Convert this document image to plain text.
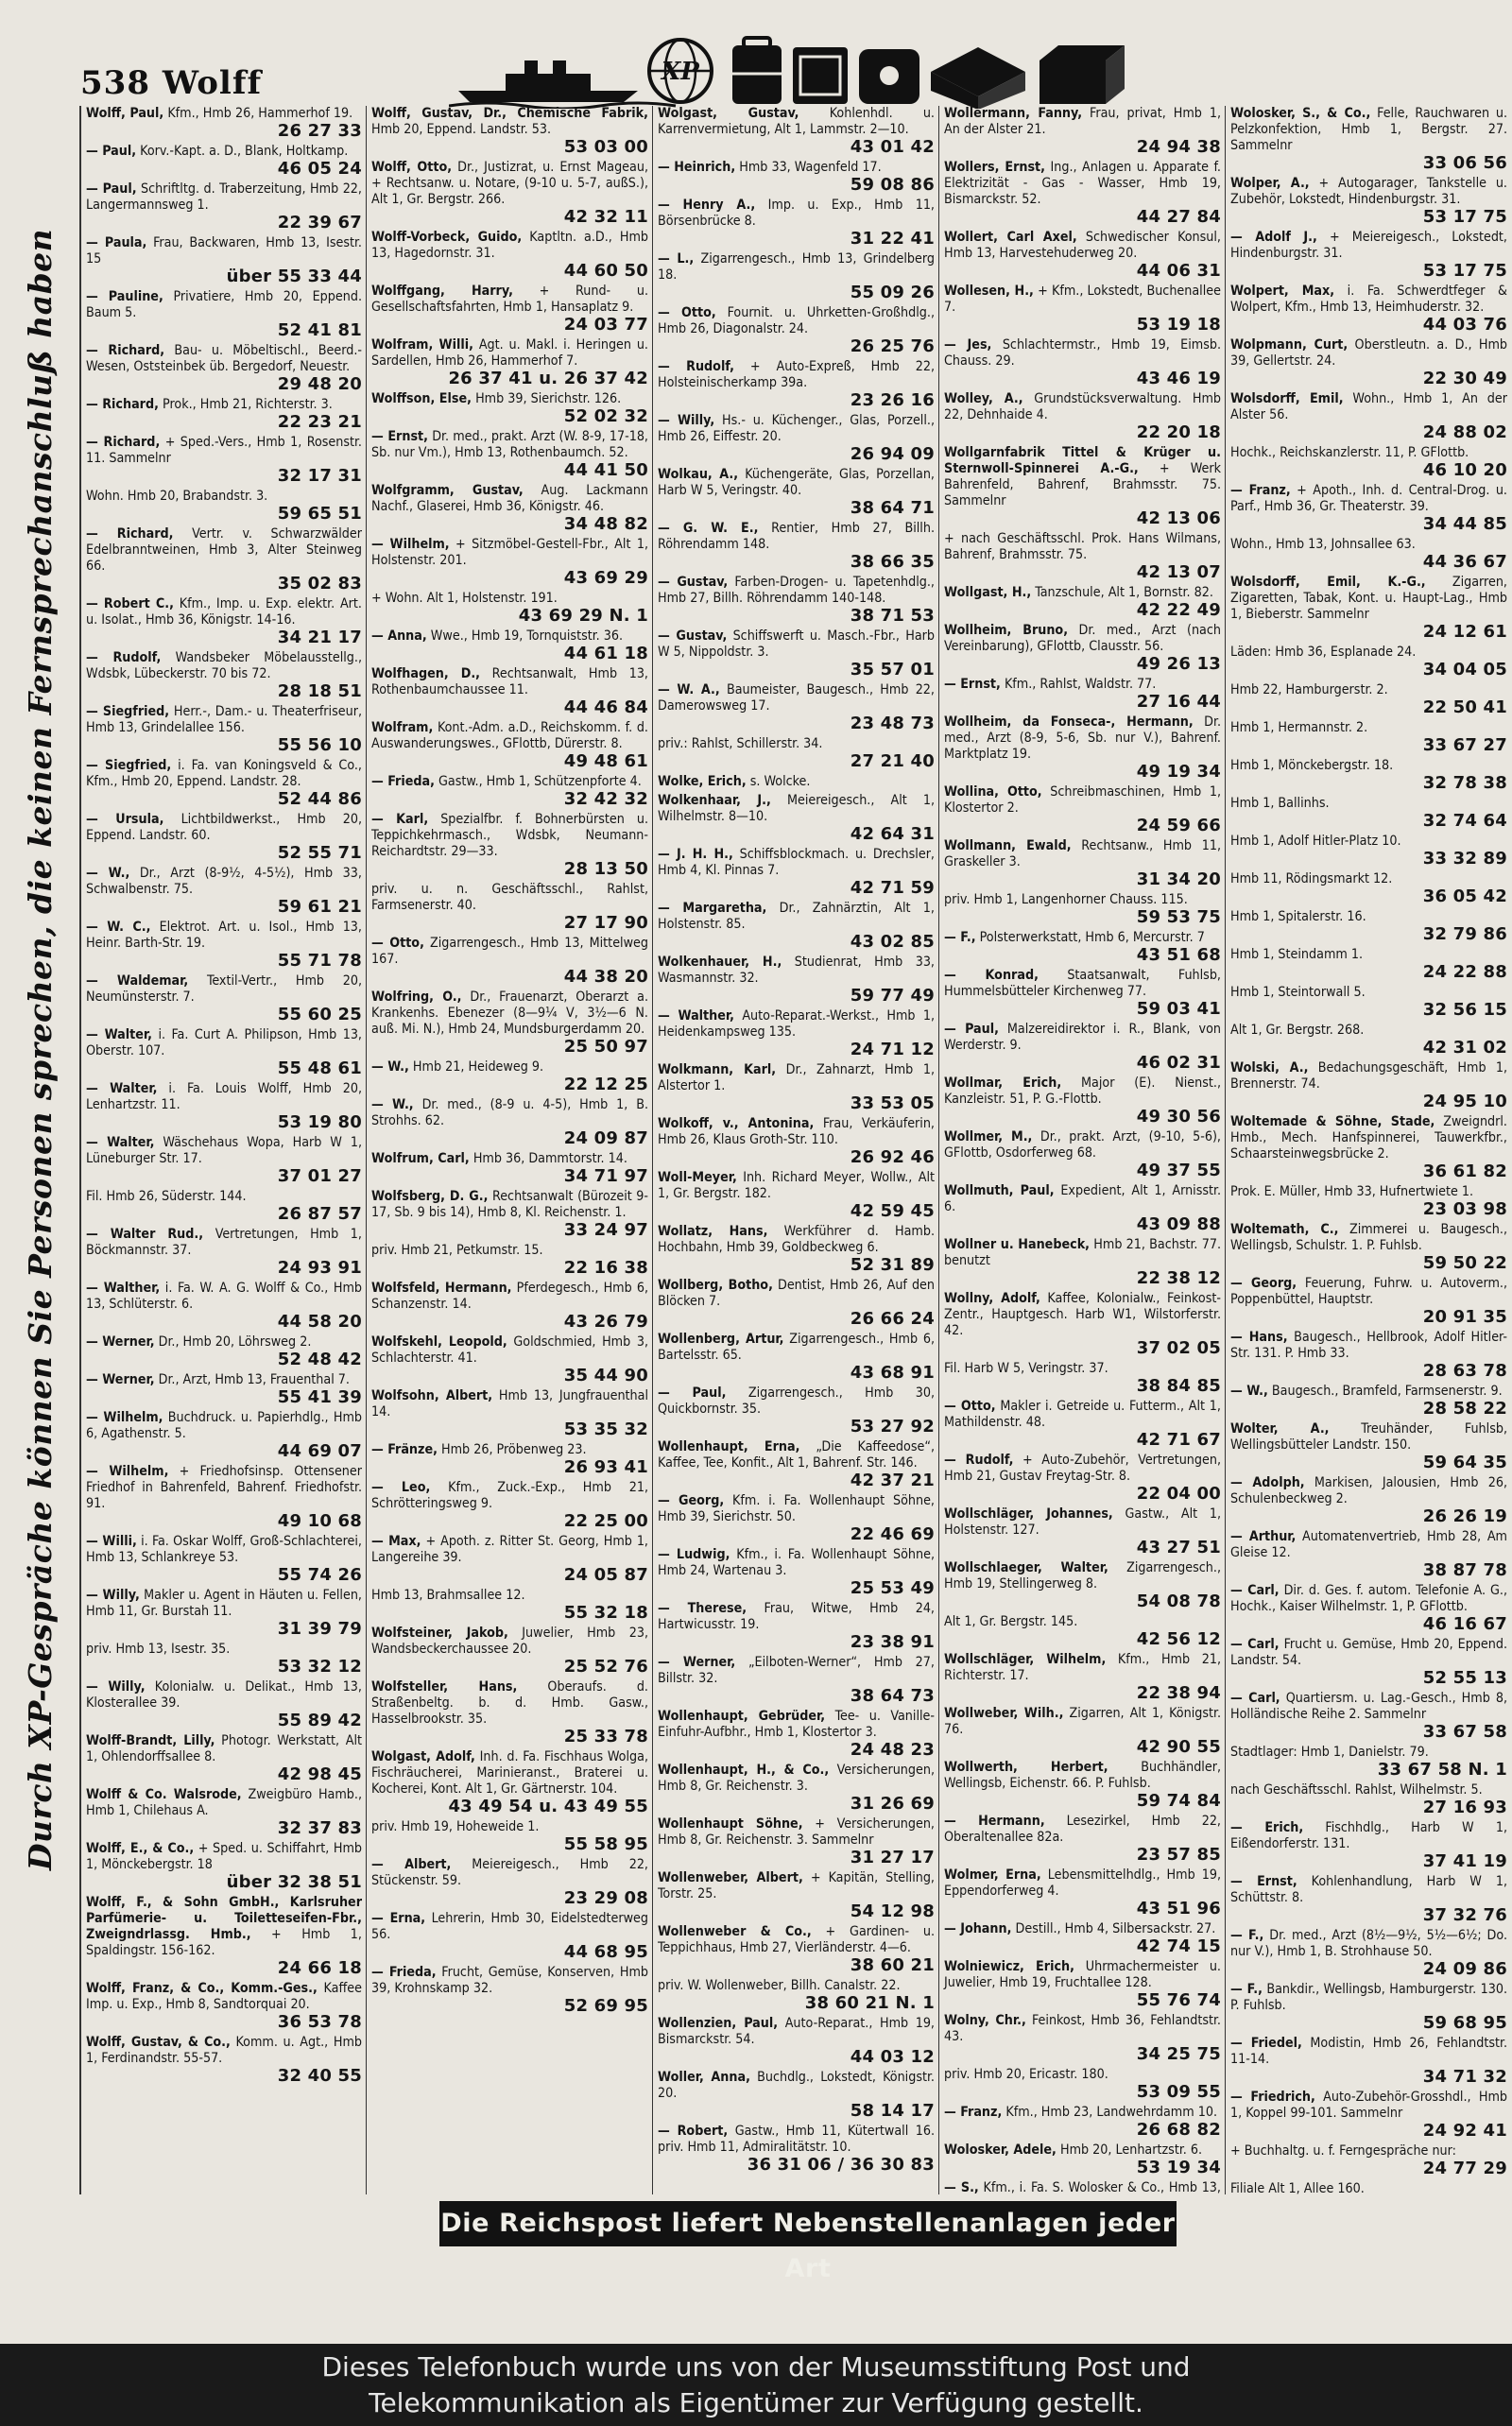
538 Wolff	XP
Durch XP-Gespräche können Sie Personen sprechen, die keinen Fernsprechanschluß haben
Wolff, Paul, Kfm., Hmb 26, Hammerhof 19.
26 27 33
— Paul, Korv.-Kapt. a. D., Blank, Holtkamp.
46 05 24
— Paul, Schriftltg. d. Traberzeitung, Hmb 22, Langermannsweg 1.
22 39 67
— Paula, Frau, Backwaren, Hmb 13, Isestr. 15
über 55 33 44
— Pauline, Privatiere, Hmb 20, Eppend. Baum 5.
52 41 81
— Richard, Bau- u. Möbeltischl., Beerd.-Wesen, Oststeinbek üb. Bergedorf, Neuestr.
29 48 20
— Richard, Prok., Hmb 21, Richterstr. 3.
22 23 21
— Richard, + Sped.-Vers., Hmb 1, Rosenstr. 11. Sammelnr
32 17 31
Wohn. Hmb 20, Brabandstr. 3.
59 65 51
— Richard, Vertr. v. Schwarzwälder Edelbranntweinen, Hmb 3, Alter Steinweg 66.
35 02 83
— Robert C., Kfm., Imp. u. Exp. elektr. Art. u. Isolat., Hmb 36, Königstr. 14-16.
34 21 17
— Rudolf, Wandsbeker Möbelausstellg., Wdsbk, Lübeckerstr. 70 bis 72.
28 18 51
— Siegfried, Herr.-, Dam.- u. Theaterfriseur, Hmb 13, Grindelallee 156.
55 56 10
— Siegfried, i. Fa. van Koningsveld & Co., Kfm., Hmb 20, Eppend. Landstr. 28.
52 44 86
— Ursula, Lichtbildwerkst., Hmb 20, Eppend. Landstr. 60.
52 55 71
— W., Dr., Arzt (8-9½, 4-5½), Hmb 33, Schwalbenstr. 75.
59 61 21
— W. C., Elektrot. Art. u. Isol., Hmb 13, Heinr. Barth-Str. 19.
55 71 78
— Waldemar, Textil-Vertr., Hmb 20, Neumünsterstr. 7.
55 60 25
— Walter, i. Fa. Curt A. Philipson, Hmb 13, Oberstr. 107.
55 48 61
— Walter, i. Fa. Louis Wolff, Hmb 20, Lenhartzstr. 11.
53 19 80
— Walter, Wäschehaus Wopa, Harb W 1, Lüneburger Str. 17.
37 01 27
Fil. Hmb 26, Süderstr. 144.
26 87 57
— Walter Rud., Vertretungen, Hmb 1, Böckmannstr. 37.
24 93 91
— Walther, i. Fa. W. A. G. Wolff & Co., Hmb 13, Schlüterstr. 6.
44 58 20
— Werner, Dr., Hmb 20, Löhrsweg 2.
52 48 42
— Werner, Dr., Arzt, Hmb 13, Frauenthal 7.
55 41 39
— Wilhelm, Buchdruck. u. Papierhdlg., Hmb 6, Agathenstr. 5.
44 69 07
— Wilhelm, + Friedhofsinsp. Ottensener Friedhof in Bahrenfeld, Bahrenf. Friedhofstr. 91.
49 10 68
— Willi, i. Fa. Oskar Wolff, Groß-Schlachterei, Hmb 13, Schlankreye 53.
55 74 26
— Willy, Makler u. Agent in Häuten u. Fellen, Hmb 11, Gr. Burstah 11.
31 39 79
priv. Hmb 13, Isestr. 35.
53 32 12
— Willy, Kolonialw. u. Delikat., Hmb 13, Klosterallee 39.
55 89 42
Wolff-Brandt, Lilly, Photogr. Werkstatt, Alt 1, Ohlendorffsallee 8.
42 98 45
Wolff & Co. Walsrode, Zweigbüro Hamb., Hmb 1, Chilehaus A.
32 37 83
Wolff, E., & Co., + Sped. u. Schiffahrt, Hmb 1, Mönckebergstr. 18
über 32 38 51
Wolff, F., & Sohn GmbH., Karlsruher Parfümerie- u. Toiletteseifen-Fbr., Zweigndrlassg. Hmb., + Hmb 1, Spaldingstr. 156-162.
24 66 18
Wolff, Franz, & Co., Komm.-Ges., Kaffee Imp. u. Exp., Hmb 8, Sandtorquai 20.
36 53 78
Wolff, Gustav, & Co., Komm. u. Agt., Hmb 1, Ferdinandstr. 55-57.
32 40 55
Wolff, Gustav, Dr., Chemische Fabrik, Hmb 20, Eppend. Landstr. 53.
53 03 00
Wolff, Otto, Dr., Justizrat, u. Ernst Mageau, + Rechtsanw. u. Notare, (9-10 u. 5-7, außS.), Alt 1, Gr. Bergstr. 266.
42 32 11
Wolff-Vorbeck, Guido, Kaptltn. a.D., Hmb 13, Hagedornstr. 31.
44 60 50
Wolffgang, Harry, + Rund- u. Gesellschaftsfahrten, Hmb 1, Hansaplatz 9.
24 03 77
Wolfram, Willi, Agt. u. Makl. i. Heringen u. Sardellen, Hmb 26, Hammerhof 7.
26 37 41 u. 26 37 42
Wolffson, Else, Hmb 39, Sierichstr. 126.
52 02 32
— Ernst, Dr. med., prakt. Arzt (W. 8-9, 17-18, Sb. nur Vm.), Hmb 13, Rothenbaumch. 52.
44 41 50
Wolfgramm, Gustav, Aug. Lackmann Nachf., Glaserei, Hmb 36, Königstr. 46.
34 48 82
— Wilhelm, + Sitzmöbel-Gestell-Fbr., Alt 1, Holstenstr. 201.
43 69 29
+ Wohn. Alt 1, Holstenstr. 191.
43 69 29 N. 1
— Anna, Wwe., Hmb 19, Tornquiststr. 36.
44 61 18
Wolfhagen, D., Rechtsanwalt, Hmb 13, Rothenbaumchaussee 11.
44 46 84
Wolfram, Kont.-Adm. a.D., Reichskomm. f. d. Auswanderungswes., GFlottb, Dürerstr. 8.
49 48 61
— Frieda, Gastw., Hmb 1, Schützenpforte 4.
32 42 32
— Karl, Spezialfbr. f. Bohnerbürsten u. Teppichkehrmasch., Wdsbk, Neumann-Reichardtstr. 29—33.
28 13 50
priv. u. n. Geschäftsschl., Rahlst, Farmsenerstr. 40.
27 17 90
— Otto, Zigarrengesch., Hmb 13, Mittelweg 167.
44 38 20
Wolfring, O., Dr., Frauenarzt, Oberarzt a. Krankenhs. Ebenezer (8—9¼ V, 3½—6 N. auß. Mi. N.), Hmb 24, Mundsburgerdamm 20.
25 50 97
— W., Hmb 21, Heideweg 9.
22 12 25
— W., Dr. med., (8-9 u. 4-5), Hmb 1, B. Strohhs. 62.
24 09 87
Wolfrum, Carl, Hmb 36, Dammtorstr. 14.
34 71 97
Wolfsberg, D. G., Rechtsanwalt (Bürozeit 9-17, Sb. 9 bis 14), Hmb 8, Kl. Reichenstr. 1.
33 24 97
priv. Hmb 21, Petkumstr. 15.
22 16 38
Wolfsfeld, Hermann, Pferdegesch., Hmb 6, Schanzenstr. 14.
43 26 79
Wolfskehl, Leopold, Goldschmied, Hmb 3, Schlachterstr. 41.
35 44 90
Wolfsohn, Albert, Hmb 13, Jungfrauenthal 14.
53 35 32
— Fränze, Hmb 26, Pröbenweg 23.
26 93 41
— Leo, Kfm., Zuck.-Exp., Hmb 21, Schrötteringsweg 9.
22 25 00
— Max, + Apoth. z. Ritter St. Georg, Hmb 1, Langereihe 39.
24 05 87
Hmb 13, Brahmsallee 12.
55 32 18
Wolfsteiner, Jakob, Juwelier, Hmb 23, Wandsbeckerchaussee 20.
25 52 76
Wolfsteller, Hans, Oberaufs. d. Straßenbeltg. b. d. Hmb. Gasw., Hasselbrookstr. 35.
25 33 78
Wolgast, Adolf, Inh. d. Fa. Fischhaus Wolga, Fischräucherei, Marinieranst., Braterei u. Kocherei, Kont. Alt 1, Gr. Gärtnerstr. 104.
43 49 54 u. 43 49 55
priv. Hmb 19, Hoheweide 1.
55 58 95
— Albert, Meiereigesch., Hmb 22, Stückenstr. 59.
23 29 08
— Erna, Lehrerin, Hmb 30, Eidelstedterweg 56.
44 68 95
— Frieda, Frucht, Gemüse, Konserven, Hmb 39, Krohnskamp 32.
52 69 95
Wolgast, Gustav, Kohlenhdl. u. Karrenvermietung, Alt 1, Lammstr. 2—10.
43 01 42
— Heinrich, Hmb 33, Wagenfeld 17.
59 08 86
— Henry A., Imp. u. Exp., Hmb 11, Börsenbrücke 8.
31 22 41
— L., Zigarrengesch., Hmb 13, Grindelberg 18.
55 09 26
— Otto, Fournit. u. Uhrketten-Großhdlg., Hmb 26, Diagonalstr. 24.
26 25 76
— Rudolf, + Auto-Expreß, Hmb 22, Holsteinischerkamp 39a.
23 26 16
— Willy, Hs.- u. Küchenger., Glas, Porzell., Hmb 26, Eiffestr. 20.
26 94 09
Wolkau, A., Küchengeräte, Glas, Porzellan, Harb W 5, Veringstr. 40.
38 64 71
— G. W. E., Rentier, Hmb 27, Billh. Röhrendamm 148.
38 66 35
— Gustav, Farben-Drogen- u. Tapetenhdlg., Hmb 27, Billh. Röhrendamm 140-148.
38 71 53
— Gustav, Schiffswerft u. Masch.-Fbr., Harb W 5, Nippoldstr. 3.
35 57 01
— W. A., Baumeister, Baugesch., Hmb 22, Damerowsweg 17.
23 48 73
priv.: Rahlst, Schillerstr. 34.
27 21 40
Wolke, Erich, s. Wolcke.
Wolkenhaar, J., Meiereigesch., Alt 1, Wilhelmstr. 8—10.
42 64 31
— J. H. H., Schiffsblockmach. u. Drechsler, Hmb 4, Kl. Pinnas 7.
42 71 59
— Margaretha, Dr., Zahnärztin, Alt 1, Holstenstr. 85.
43 02 85
Wolkenhauer, H., Studienrat, Hmb 33, Wasmannstr. 32.
59 77 49
— Walther, Auto-Reparat.-Werkst., Hmb 1, Heidenkampsweg 135.
24 71 12
Wolkmann, Karl, Dr., Zahnarzt, Hmb 1, Alstertor 1.
33 53 05
Wolkoff, v., Antonina, Frau, Verkäuferin, Hmb 26, Klaus Groth-Str. 110.
26 92 46
Woll-Meyer, Inh. Richard Meyer, Wollw., Alt 1, Gr. Bergstr. 182.
42 59 45
Wollatz, Hans, Werkführer d. Hamb. Hochbahn, Hmb 39, Goldbeckweg 6.
52 31 89
Wollberg, Botho, Dentist, Hmb 26, Auf den Blöcken 7.
26 66 24
Wollenberg, Artur, Zigarrengesch., Hmb 6, Bartelsstr. 65.
43 68 91
— Paul, Zigarrengesch., Hmb 30, Quickbornstr. 35.
53 27 92
Wollenhaupt, Erna, „Die Kaffeedose“, Kaffee, Tee, Konfit., Alt 1, Bahrenf. Str. 146.
42 37 21
— Georg, Kfm. i. Fa. Wollenhaupt Söhne, Hmb 39, Sierichstr. 50.
22 46 69
— Ludwig, Kfm., i. Fa. Wollenhaupt Söhne, Hmb 24, Wartenau 3.
25 53 49
— Therese, Frau, Witwe, Hmb 24, Hartwicusstr. 19.
23 38 91
— Werner, „Eilboten-Werner“, Hmb 27, Billstr. 32.
38 64 73
Wollenhaupt, Gebrüder, Tee- u. Vanille-Einfuhr-Aufbhr., Hmb 1, Klostertor 3.
24 48 23
Wollenhaupt, H., & Co., Versicherungen, Hmb 8, Gr. Reichenstr. 3.
31 26 69
Wollenhaupt Söhne, + Versicherungen, Hmb 8, Gr. Reichenstr. 3. Sammelnr
31 27 17
Wollenweber, Albert, + Kapitän, Stelling, Torstr. 25.
54 12 98
Wollenweber & Co., + Gardinen- u. Teppichhaus, Hmb 27, Vierländerstr. 4—6.
38 60 21
priv. W. Wollenweber, Billh. Canalstr. 22.
38 60 21 N. 1
Wollenzien, Paul, Auto-Reparat., Hmb 19, Bismarckstr. 54.
44 03 12
Woller, Anna, Buchdlg., Lokstedt, Königstr. 20.
58 14 17
— Robert, Gastw., Hmb 11, Kütertwall 16. priv. Hmb 11, Admiralitätstr. 10.
36 31 06 / 36 30 83
Wollermann, Fanny, Frau, privat, Hmb 1, An der Alster 21.
24 94 38
Wollers, Ernst, Ing., Anlagen u. Apparate f. Elektrizität - Gas - Wasser, Hmb 19, Bismarckstr. 52.
44 27 84
Wollert, Carl Axel, Schwedischer Konsul, Hmb 13, Harvestehuderweg 20.
44 06 31
Wollesen, H., + Kfm., Lokstedt, Buchenallee 7.
53 19 18
— Jes, Schlachtermstr., Hmb 19, Eimsb. Chauss. 29.
43 46 19
Wolley, A., Grundstücksverwaltung. Hmb 22, Dehnhaide 4.
22 20 18
Wollgarnfabrik Tittel & Krüger u. Sternwoll-Spinnerei A.-G., + Werk Bahrenfeld, Bahrenf, Brahmsstr. 75. Sammelnr
42 13 06
+ nach Geschäftsschl. Prok. Hans Wilmans, Bahrenf, Brahmsstr. 75.
42 13 07
Wollgast, H., Tanzschule, Alt 1, Bornstr. 82.
42 22 49
Wollheim, Bruno, Dr. med., Arzt (nach Vereinbarung), GFlottb, Clausstr. 56.
49 26 13
— Ernst, Kfm., Rahlst, Waldstr. 77.
27 16 44
Wollheim, da Fonseca-, Hermann, Dr. med., Arzt (8-9, 5-6, Sb. nur V.), Bahrenf. Marktplatz 19.
49 19 34
Wollina, Otto, Schreibmaschinen, Hmb 1, Klostertor 2.
24 59 66
Wollmann, Ewald, Rechtsanw., Hmb 11, Graskeller 3.
31 34 20
priv. Hmb 1, Langenhorner Chauss. 115.
59 53 75
— F., Polsterwerkstatt, Hmb 6, Mercurstr. 7
43 51 68
— Konrad, Staatsanwalt, Fuhlsb, Hummelsbütteler Kirchenweg 77.
59 03 41
— Paul, Malzereidirektor i. R., Blank, von Werderstr. 9.
46 02 31
Wollmar, Erich, Major (E). Nienst., Kanzleistr. 51, P. G.-Flottb.
49 30 56
Wollmer, M., Dr., prakt. Arzt, (9-10, 5-6), GFlottb, Osdorferweg 68.
49 37 55
Wollmuth, Paul, Expedient, Alt 1, Arnisstr. 6.
43 09 88
Wollner u. Hanebeck, Hmb 21, Bachstr. 77. benutzt
22 38 12
Wollny, Adolf, Kaffee, Kolonialw., Feinkost-Zentr., Hauptgesch. Harb W1, Wilstorferstr. 42.
37 02 05
Fil. Harb W 5, Veringstr. 37.
38 84 85
— Otto, Makler i. Getreide u. Futterm., Alt 1, Mathildenstr. 48.
42 71 67
— Rudolf, + Auto-Zubehör, Vertretungen, Hmb 21, Gustav Freytag-Str. 8.
22 04 00
Wollschläger, Johannes, Gastw., Alt 1, Holstenstr. 127.
43 27 51
Wollschlaeger, Walter, Zigarrengesch., Hmb 19, Stellingerweg 8.
54 08 78
Alt 1, Gr. Bergstr. 145.
42 56 12
Wollschläger, Wilhelm, Kfm., Hmb 21, Richterstr. 17.
22 38 94
Wollweber, Wilh., Zigarren, Alt 1, Königstr. 76.
42 90 55
Wollwerth, Herbert, Buchhändler, Wellingsb, Eichenstr. 66. P. Fuhlsb.
59 74 84
— Hermann, Lesezirkel, Hmb 22, Oberaltenallee 82a.
23 57 85
Wolmer, Erna, Lebensmittelhdlg., Hmb 19, Eppendorferweg 4.
43 51 96
— Johann, Destill., Hmb 4, Silbersackstr. 27.
42 74 15
Wolniewicz, Erich, Uhrmachermeister u. Juwelier, Hmb 19, Fruchtallee 128.
55 76 74
Wolny, Chr., Feinkost, Hmb 36, Fehlandtstr. 43.
34 25 75
priv. Hmb 20, Ericastr. 180.
53 09 55
— Franz, Kfm., Hmb 23, Landwehrdamm 10.
26 68 82
Wolosker, Adele, Hmb 20, Lenhartzstr. 6.
53 19 34
— S., Kfm., i. Fa. S. Wolosker & Co., Hmb 13,
Wolosker, S., & Co., Felle, Rauchwaren u. Pelzkonfektion, Hmb 1, Bergstr. 27. Sammelnr
33 06 56
Wolper, A., + Autogarager, Tankstelle u. Zubehör, Lokstedt, Hindenburgstr. 31.
53 17 75
— Adolf J., + Meiereigesch., Lokstedt, Hindenburgstr. 31.
53 17 75
Wolpert, Max, i. Fa. Schwerdtfeger & Wolpert, Kfm., Hmb 13, Heimhuderstr. 32.
44 03 76
Wolpmann, Curt, Oberstleutn. a. D., Hmb 39, Gellertstr. 24.
22 30 49
Wolsdorff, Emil, Wohn., Hmb 1, An der Alster 56.
24 88 02
Hochk., Reichskanzlerstr. 11, P. GFlottb.
46 10 20
— Franz, + Apoth., Inh. d. Central-Drog. u. Parf., Hmb 36, Gr. Theaterstr. 39.
34 44 85
Wohn., Hmb 13, Johnsallee 63.
44 36 67
Wolsdorff, Emil, K.-G., Zigarren, Zigaretten, Tabak, Kont. u. Haupt-Lag., Hmb 1, Bieberstr. Sammelnr
24 12 61
Läden: Hmb 36, Esplanade 24.
34 04 05
Hmb 22, Hamburgerstr. 2.
22 50 41
Hmb 1, Hermannstr. 2.
33 67 27
Hmb 1, Mönckebergstr. 18.
32 78 38
Hmb 1, Ballinhs.
32 74 64
Hmb 1, Adolf Hitler-Platz 10.
33 32 89
Hmb 11, Rödingsmarkt 12.
36 05 42
Hmb 1, Spitalerstr. 16.
32 79 86
Hmb 1, Steindamm 1.
24 22 88
Hmb 1, Steintorwall 5.
32 56 15
Alt 1, Gr. Bergstr. 268.
42 31 02
Wolski, A., Bedachungsgeschäft, Hmb 1, Brennerstr. 74.
24 95 10
Woltemade & Söhne, Stade, Zweigndrl. Hmb., Mech. Hanfspinnerei, Tauwerkfbr., Schaarsteinwegsbrücke 2.
36 61 82
Prok. E. Müller, Hmb 33, Hufnertwiete 1.
23 03 98
Woltemath, C., Zimmerei u. Baugesch., Wellingsb, Schulstr. 1. P. Fuhlsb.
59 50 22
— Georg, Feuerung, Fuhrw. u. Autoverm., Poppenbüttel, Hauptstr.
20 91 35
— Hans, Baugesch., Hellbrook, Adolf Hitler-Str. 131. P. Hmb 33.
28 63 78
— W., Baugesch., Bramfeld, Farmsenerstr. 9.
28 58 22
Wolter, A., Treuhänder, Fuhlsb, Wellingsbütteler Landstr. 150.
59 64 35
— Adolph, Markisen, Jalousien, Hmb 26, Schulenbeckweg 2.
26 26 19
— Arthur, Automatenvertrieb, Hmb 28, Am Gleise 12.
38 87 78
— Carl, Dir. d. Ges. f. autom. Telefonie A. G., Hochk., Kaiser Wilhelmstr. 1, P. GFlottb.
46 16 67
— Carl, Frucht u. Gemüse, Hmb 20, Eppend. Landstr. 54.
52 55 13
— Carl, Quartiersm. u. Lag.-Gesch., Hmb 8, Holländische Reihe 2. Sammelnr
33 67 58
Stadtlager: Hmb 1, Danielstr. 79.
33 67 58 N. 1
nach Geschäftsschl. Rahlst, Wilhelmstr. 5.
27 16 93
— Erich, Fischhdlg., Harb W 1, Eißendorferstr. 131.
37 41 19
— Ernst, Kohlenhandlung, Harb W 1, Schüttstr. 8.
37 32 76
— F., Dr. med., Arzt (8½—9½, 5½—6½; Do. nur V.), Hmb 1, B. Strohhause 50.
24 09 86
— F., Bankdir., Wellingsb, Hamburgerstr. 130. P. Fuhlsb.
59 68 95
— Friedel, Modistin, Hmb 26, Fehlandtstr. 11-14.
34 71 32
— Friedrich, Auto-Zubehör-Grosshdl., Hmb 1, Koppel 99-101. Sammelnr
24 92 41
+ Buchhaltg. u. f. Ferngespräche nur:
24 77 29
Filiale Alt 1, Allee 160.
Die Reichspost liefert Nebenstellenanlagen jeder Art
Dieses Telefonbuch wurde uns von der Museumsstiftung Post und
Telekommunikation als Eigentümer zur Verfügung gestellt.
